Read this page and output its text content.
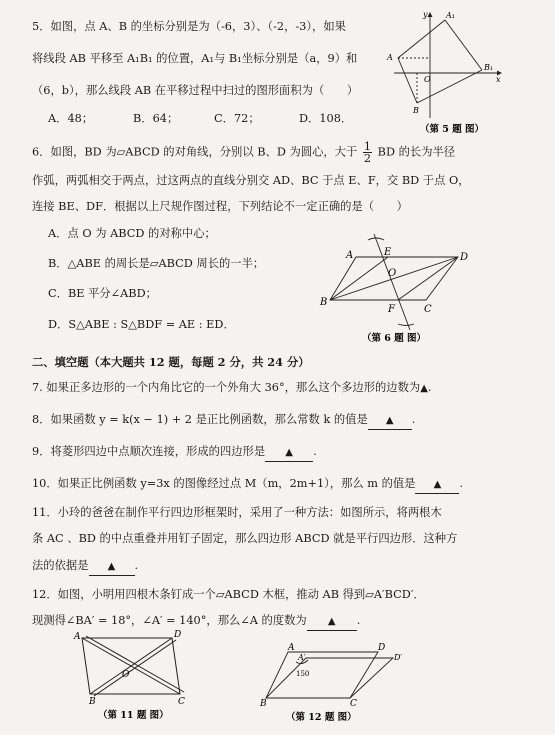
5．如图，点 A、B 的坐标分别是为（-6，3）、（-2，-3），如果
将线段 AB 平移至 A₁B₁ 的位置，A₁与 B₁坐标分别是（a，9）和
（6，b），那么线段 AB 在平移过程中扫过的图形面积为（　　）
A．48；	B．64；	C．72；	D．108．
y A₁
A
O
B₁
x
B
（第 5 题 图）
6．如图，BD 为▱ABCD 的对角线，分别以 B、D 为圆心，大于 $\frac{1}{2}$ BD 的长为半径
作弧，两弧相交于两点，过这两点的直线分别交 AD、BC 于点 E、F，交 BD 于点 O，
连接 BE、DF．根据以上尺规作图过程，下列结论不一定正确的是（　　）
A．点 O 为 ABCD 的对称中心；
B．△ABE 的周长是▱ABCD 周长的一半；
C．BE 平分∠ABD；
D．S△ABE : S△BDF = AE : ED．
A	E	D
O
B
F	C
（第 6 题 图）
二、填空题（本大题共 12 题，每题 2 分，共 24 分）
7. 如果正多边形的一个内角比它的一个外角大 36°，那么这个多边形的边数为▲.
8．如果函数 y = k(x − 1) + 2 是正比例函数，那么常数 k 的值是 ▲ .
9．将菱形四边中点顺次连接，形成的四边形是 ▲ .
10．如果正比例函数 y=3x 的图像经过点 M（m，2m+1），那么 m 的值是 ▲ .
11．小玲的爸爸在制作平行四边形框架时，采用了一种方法：如图所示，将两根木
条 AC 、BD 的中点重叠并用钉子固定，那么四边形 ABCD 就是平行四边形．这种方
法的依据是 ▲ .
12．如图，小明用四根木条钉成一个▱ABCD 木框，推动 AB 得到▱A′BCD′．
现测得∠BA′ = 18°，∠A′ = 140°，那么∠A 的度数为 ▲ .
A	D
O
B	C
（第 11 题 图）
A	D
A′	D′
150
B	C
（第 12 题 图）
